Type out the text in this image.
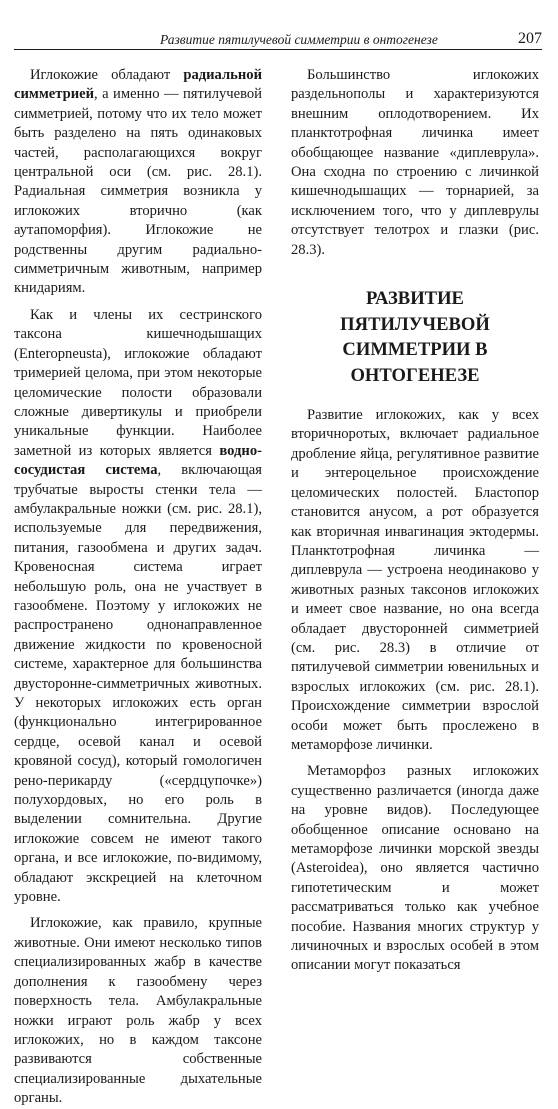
Развитие пятилучевой симметрии в онтогенезе	207

Иглокожие обладают радиальной симметрией, а именно — пятилучевой симметрией, потому что их тело может быть разделено на пять одинаковых частей, располагающихся вокруг центральной оси (см. рис. 28.1). Радиальная симметрия возникла у иглокожих вторично (как аутапоморфия). Иглокожие не родственны другим радиально-симметричным животным, например книдариям.

Как и члены их сестринского таксона кишечнодышащих (Enteropneusta), иглокожие обладают тримерией целома, при этом некоторые целомические полости образовали сложные дивертикулы и приобрели уникальные функции. Наиболее заметной из которых является водно-сосудистая система, включающая трубчатые выросты стенки тела — амбулакральные ножки (см. рис. 28.1), используемые для передвижения, питания, газообмена и других задач. Кровеносная система играет небольшую роль, она не участвует в газообмене. Поэтому у иглокожих не распространено однонаправленное движение жидкости по кровеносной системе, характерное для большинства двусторонне-симметричных животных. У некоторых иглокожих есть орган (функционально интегрированное сердце, осевой канал и осевой кровяной сосуд), который гомологичен рено-перикарду («сердцупочке») полухордовых, но его роль в выделении сомнительна. Другие иглокожие совсем не имеют такого органа, и все иглокожие, по-видимому, обладают экскрецией на клеточном уровне.

Иглокожие, как правило, крупные животные. Они имеют несколько типов специализированных жабр в качестве дополнения к газообмену через поверхность тела. Амбулакральные ножки играют роль жабр у всех иглокожих, но в каждом таксоне развиваются собственные специализированные дыхательные органы.

Большинство иглокожих раздельнополы и характеризуются внешним оплодотворением. Их планктотрофная личинка имеет обобщающее название «диплеврула». Она сходна по строению с личинкой кишечнодышащих — торнарией, за исключением того, что у диплеврулы отсутствует телотрох и глазки (рис. 28.3).

РАЗВИТИЕ ПЯТИЛУЧЕВОЙ СИММЕТРИИ В ОНТОГЕНЕЗЕ

Развитие иглокожих, как у всех вторичноротых, включает радиальное дробление яйца, регулятивное развитие и энтероцельное происхождение целомических полостей. Бластопор становится анусом, а рот образуется как вторичная инвагинация эктодермы. Планктотрофная личинка — диплеврула — устроена неодинаково у животных разных таксонов иглокожих и имеет свое название, но она всегда обладает двусторонней симметрией (см. рис. 28.3) в отличие от пятилучевой симметрии ювенильных и взрослых иглокожих (см. рис. 28.1). Происхождение симметрии взрослой особи может быть прослежено в метаморфозе личинки.

Метаморфоз разных иглокожих существенно различается (иногда даже на уровне видов). Последующее обобщенное описание основано на метаморфозе личинки морской звезды (Asteroidea), оно является частично гипотетическим и может рассматриваться только как учебное пособие. Названия многих структур у личиночных и взрослых особей в этом описании могут показаться
